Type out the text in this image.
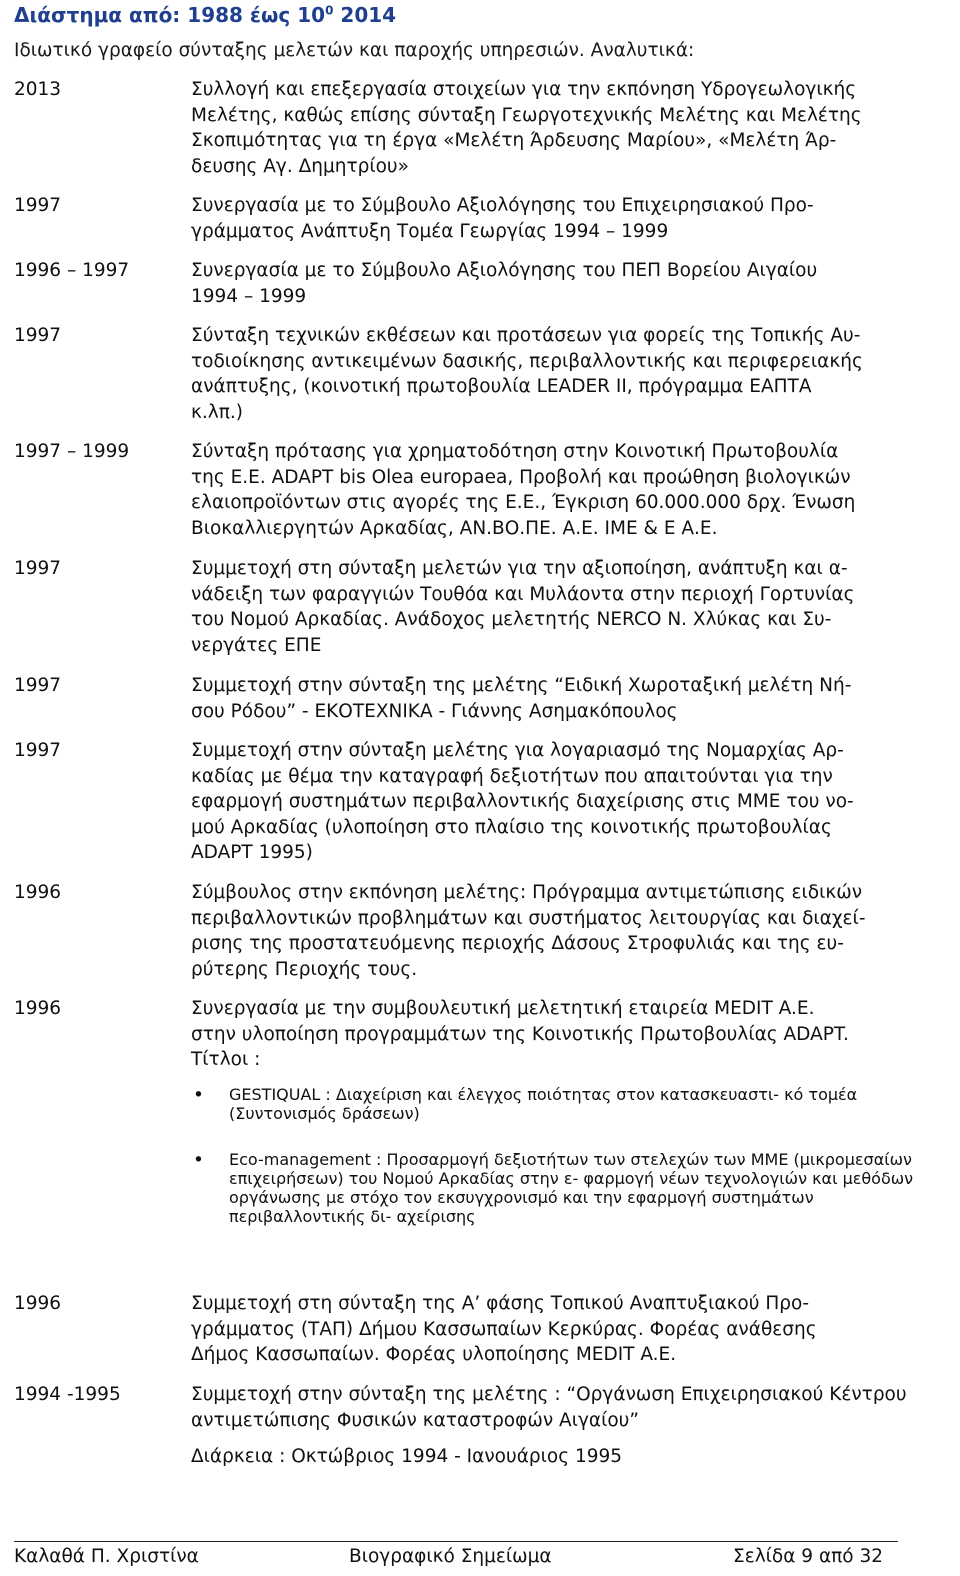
Διάστημα από: 1988 έως $10^0$ 2014
Ιδιωτικό γραφείο σύνταξης μελετών και παροχής υπηρεσιών. Αναλυτικά:
2013	Συλλογή και επεξεργασία στοιχείων για την εκπόνηση Υδρογεωλογικής
Μελέτης, καθώς επίσης σύνταξη Γεωργοτεχνικής Μελέτης και Μελέτης
Σκοπιμότητας για τη έργα «Μελέτη Άρδευσης Μαρίου», «Μελέτη Άρ-
δευσης Αγ. Δημητρίου»
1997	Συνεργασία με το Σύμβουλο Αξιολόγησης του Επιχειρησιακού Προ-
γράμματος Ανάπτυξη Τομέα Γεωργίας 1994 – 1999
1996 – 1997	Συνεργασία με το Σύμβουλο Αξιολόγησης του ΠΕΠ Βορείου Αιγαίου
1994 – 1999
1997	Σύνταξη τεχνικών εκθέσεων και προτάσεων για φορείς της Τοπικής Αυ-
τοδιοίκησης αντικειμένων δασικής, περιβαλλοντικής και περιφερειακής
ανάπτυξης, (κοινοτική πρωτοβουλία LEADER II, πρόγραμμα ΕΑΠΤΑ
κ.λπ.)
1997 – 1999	Σύνταξη πρότασης για χρηματοδότηση στην Κοινοτική Πρωτοβουλία
της Ε.Ε. ADAPT bis Olea europaea, Προβολή και προώθηση βιολογικών
ελαιοπροϊόντων στις αγορές της Ε.Ε., Έγκριση 60.000.000 δρχ. Ένωση
Βιοκαλλιεργητών Αρκαδίας, ΑΝ.ΒΟ.ΠΕ. Α.Ε. ΙΜΕ & Ε Α.Ε.
1997	Συμμετοχή στη σύνταξη μελετών για την αξιοποίηση, ανάπτυξη και α-
νάδειξη των φαραγγιών Τουθόα και Μυλάοντα στην περιοχή Γορτυνίας
του Νομού Αρκαδίας. Ανάδοχος μελετητής NERCO N. Χλύκας και Συ-
νεργάτες ΕΠΕ
1997	Συμμετοχή στην σύνταξη της μελέτης “Ειδική Χωροταξική μελέτη Νή-
σου Ρόδου” - ΕΚΟΤΕΧΝΙΚΑ - Γιάννης Ασημακόπουλος
1997	Συμμετοχή στην σύνταξη μελέτης για λογαριασμό της Νομαρχίας Αρ-
καδίας με θέμα την καταγραφή δεξιοτήτων που απαιτούνται για την
εφαρμογή συστημάτων περιβαλλοντικής διαχείρισης στις ΜΜΕ του νο-
μού Αρκαδίας (υλοποίηση στο πλαίσιο της κοινοτικής πρωτοβουλίας
ADAPT 1995)
1996	Σύμβουλος στην εκπόνηση μελέτης: Πρόγραμμα αντιμετώπισης ειδικών
περιβαλλοντικών προβλημάτων και συστήματος λειτουργίας και διαχεί-
ρισης της προστατευόμενης περιοχής Δάσους Στροφυλιάς και της ευ-
ρύτερης Περιοχής τους.
1996	Συνεργασία με την συμβουλευτική μελετητική εταιρεία MEDIT A.E.
στην υλοποίηση προγραμμάτων της Κοινοτικής Πρωτοβουλίας ADAPT.
Τίτλοι :
• GESTIQUAL : Διαχείριση και έλεγχος ποιότητας στον κατασκευαστι- κό τομέα (Συντονισμός δράσεων)
• Eco-management : Προσαρμογή δεξιοτήτων των στελεχών των ΜΜΕ (μικρομεσαίων επιχειρήσεων) του Νομού Αρκαδίας στην ε- φαρμογή νέων τεχνολογιών και μεθόδων οργάνωσης με στόχο τον εκσυγχρονισμό και την εφαρμογή συστημάτων περιβαλλοντικής δι- αχείρισης
1996	Συμμετοχή στη σύνταξη της Α’ φάσης Τοπικού Αναπτυξιακού Προ-
γράμματος (ΤΑΠ) Δήμου Κασσωπαίων Κερκύρας. Φορέας ανάθεσης
Δήμος Κασσωπαίων. Φορέας υλοποίησης MEDIT A.E.
1994 -1995	Συμμετοχή στην σύνταξη της μελέτης : “Οργάνωση Επιχειρησιακού Κέντρου
αντιμετώπισης Φυσικών καταστροφών Αιγαίου”
Διάρκεια : Οκτώβριος 1994 - Ιανουάριος 1995
Καλαθά Π. Χριστίνα	Βιογραφικό Σημείωμα	Σελίδα 9 από 32
